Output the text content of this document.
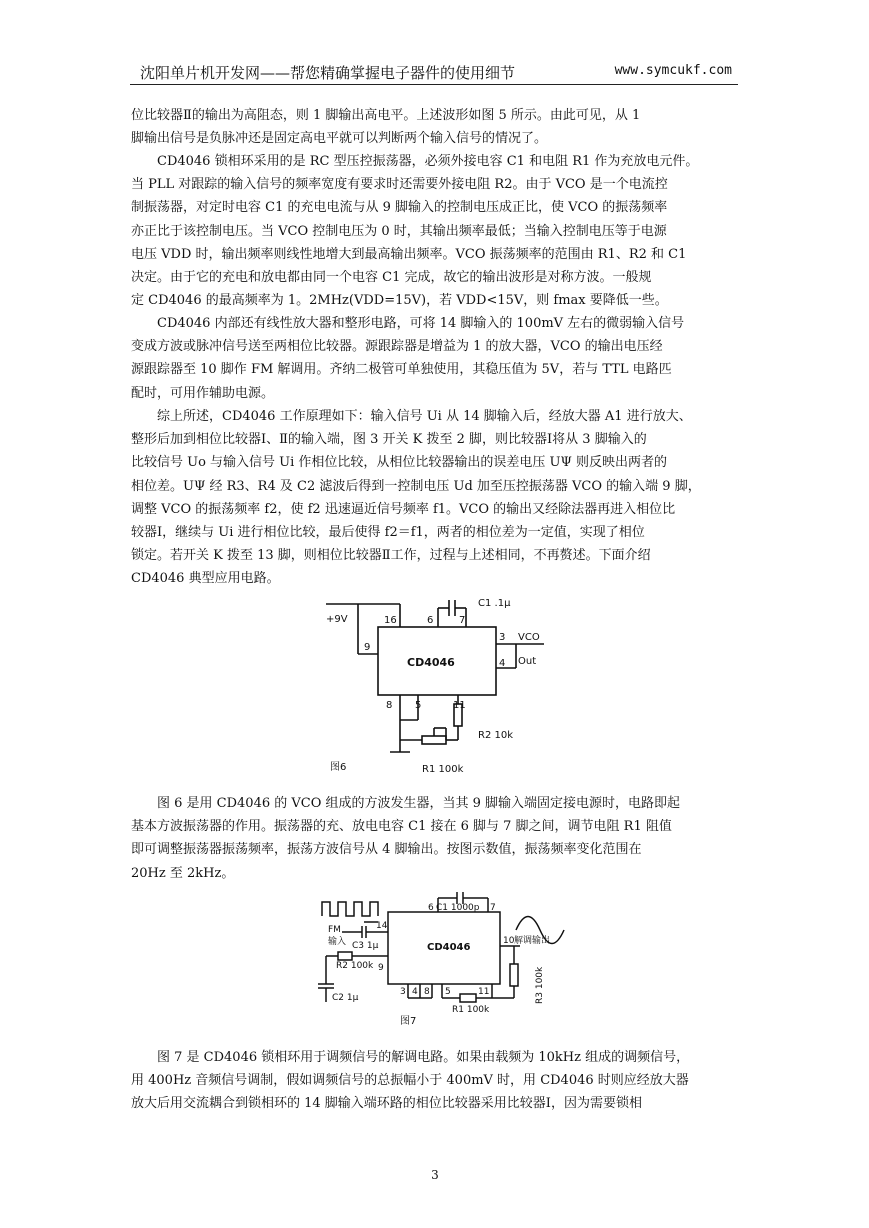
沈阳单片机开发网——帮您精确掌握电子器件的使用细节	www.symcukf.com
位比较器Ⅱ的输出为高阻态，则 1 脚输出高电平。上述波形如图 5 所示。由此可见，从 1
脚输出信号是负脉冲还是固定高电平就可以判断两个输入信号的情况了。
　　CD4046 锁相环采用的是 RC 型压控振荡器，必须外接电容 C1 和电阻 R1 作为充放电元件。
当 PLL 对跟踪的输入信号的频率宽度有要求时还需要外接电阻 R2。由于 VCO 是一个电流控
制振荡器，对定时电容 C1 的充电电流与从 9 脚输入的控制电压成正比，使 VCO 的振荡频率
亦正比于该控制电压。当 VCO 控制电压为 0 时，其输出频率最低；当输入控制电压等于电源
电压 VDD 时，输出频率则线性地增大到最高输出频率。VCO 振荡频率的范围由 R1、R2 和 C1
决定。由于它的充电和放电都由同一个电容 C1 完成，故它的输出波形是对称方波。一般规
定 CD4046 的最高频率为 1。2MHz(VDD=15V)，若 VDD<15V，则 fmax 要降低一些。
　　CD4046 内部还有线性放大器和整形电路，可将 14 脚输入的 100mV 左右的微弱输入信号
变成方波或脉冲信号送至两相位比较器。源跟踪器是增益为 1 的放大器，VCO 的输出电压经
源跟踪器至 10 脚作 FM 解调用。齐纳二极管可单独使用，其稳压值为 5V，若与 TTL 电路匹
配时，可用作辅助电源。
　　综上所述，CD4046 工作原理如下：输入信号 Ui 从 14 脚输入后，经放大器 A1 进行放大、
整形后加到相位比较器Ⅰ、Ⅱ的输入端，图 3 开关 K 拨至 2 脚，则比较器Ⅰ将从 3 脚输入的
比较信号 Uo 与输入信号 Ui 作相位比较，从相位比较器输出的误差电压 UΨ 则反映出两者的
相位差。UΨ 经 R3、R4 及 C2 滤波后得到一控制电压 Ud 加至压控振荡器 VCO 的输入端 9 脚，
调整 VCO 的振荡频率 f2，使 f2 迅速逼近信号频率 f1。VCO 的输出又经除法器再进入相位比
较器Ⅰ，继续与 Ui 进行相位比较，最后使得 f2＝f1，两者的相位差为一定值，实现了相位
锁定。若开关 K 拨至 13 脚，则相位比较器Ⅱ工作，过程与上述相同，不再赘述。下面介绍
CD4046 典型应用电路。
+9V	16	6	7
C1 .1μ
9
3 VCO
4 Out
CD4046
8 5	11
R2 10k
R1 100k
图6
　　图 6 是用 CD4046 的 VCO 组成的方波发生器，当其 9 脚输入端固定接电源时，电路即起
基本方波振荡器的作用。振荡器的充、放电电容 C1 接在 6 脚与 7 脚之间，调节电阻 R1 阻值
即可调整振荡器振荡频率，振荡方波信号从 4 脚输出。按图示数值，振荡频率变化范围在
20Hz 至 2kHz。
FM
输入 C3 1μ
14
6 C1 1000p 7
CD4046
10 解调输出
R2 100k 9
C2 1μ
3 4 8 5	11
R1 100k
R3 100k
图7
　　图 7 是 CD4046 锁相环用于调频信号的解调电路。如果由载频为 10kHz 组成的调频信号，
用 400Hz 音频信号调制，假如调频信号的总振幅小于 400mV 时，用 CD4046 时则应经放大器
放大后用交流耦合到锁相环的 14 脚输入端环路的相位比较器采用比较器Ⅰ，因为需要锁相
3
